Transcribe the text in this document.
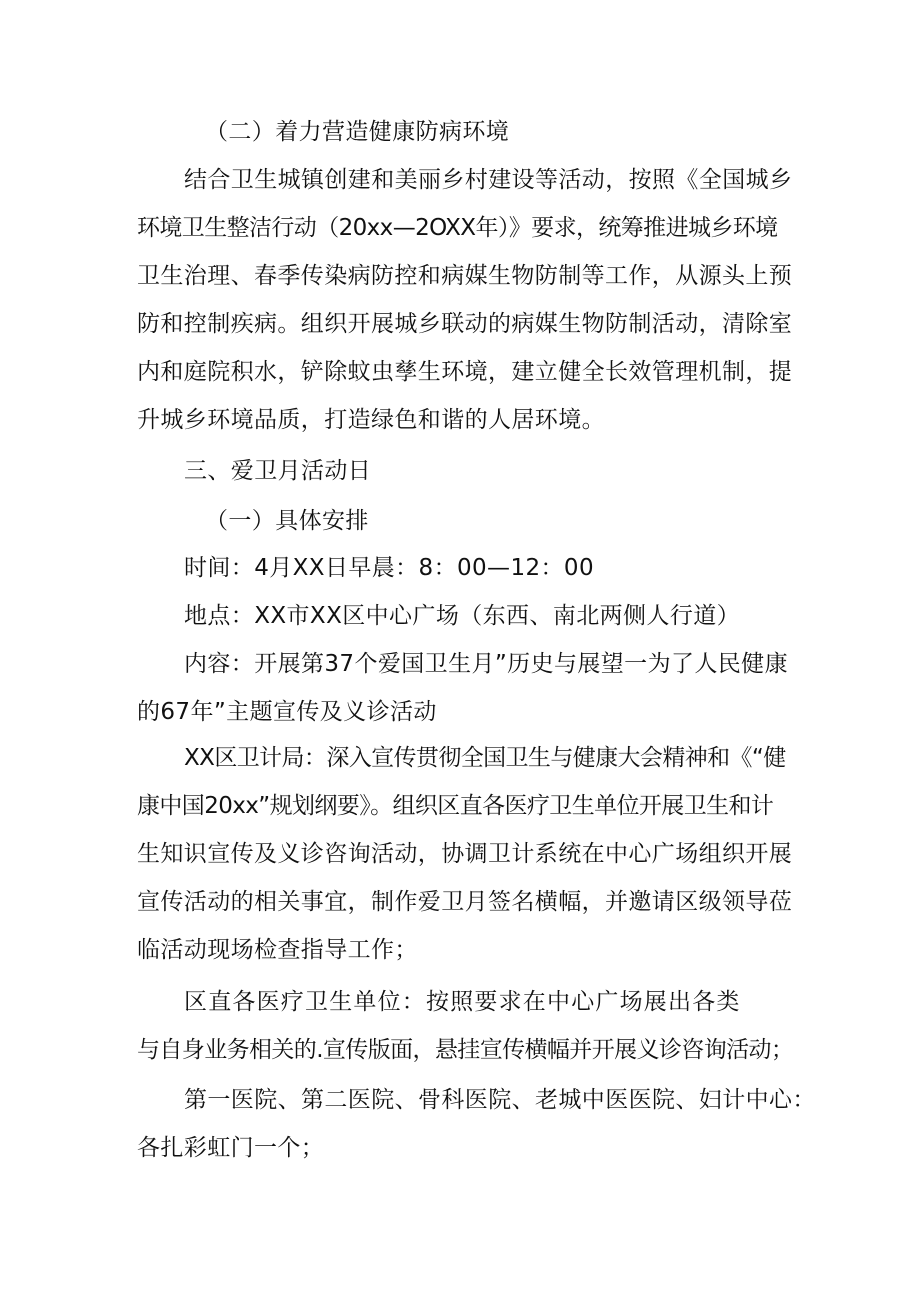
（二）着力营造健康防病环境
结合卫生城镇创建和美丽乡村建设等活动，按照《全国城乡
环境卫生整洁行动（20xx—2OXX年）》要求，统筹推进城乡环境
卫生治理、春季传染病防控和病媒生物防制等工作，从源头上预
防和控制疾病。组织开展城乡联动的病媒生物防制活动，清除室
内和庭院积水，铲除蚊虫孳生环境，建立健全长效管理机制，提
升城乡环境品质，打造绿色和谐的人居环境。
三、爱卫月活动日
（一）具体安排
时间：4月XX日早晨：8：00—12：00
地点：XX市XX区中心广场（东西、南北两侧人行道）
内容：开展第37个爱国卫生月”历史与展望一为了人民健康
的67年”主题宣传及义诊活动
XX区卫计局：深入宣传贯彻全国卫生与健康大会精神和《“健
康中国20xx”规划纲要》。组织区直各医疗卫生单位开展卫生和计
生知识宣传及义诊咨询活动，协调卫计系统在中心广场组织开展
宣传活动的相关事宜，制作爱卫月签名横幅，并邀请区级领导莅
临活动现场检查指导工作；
区直各医疗卫生单位：按照要求在中心广场展出各类
与自身业务相关的.宣传版面，悬挂宣传横幅并开展义诊咨询活动；
第一医院、第二医院、骨科医院、老城中医医院、妇计中心：
各扎彩虹门一个；
